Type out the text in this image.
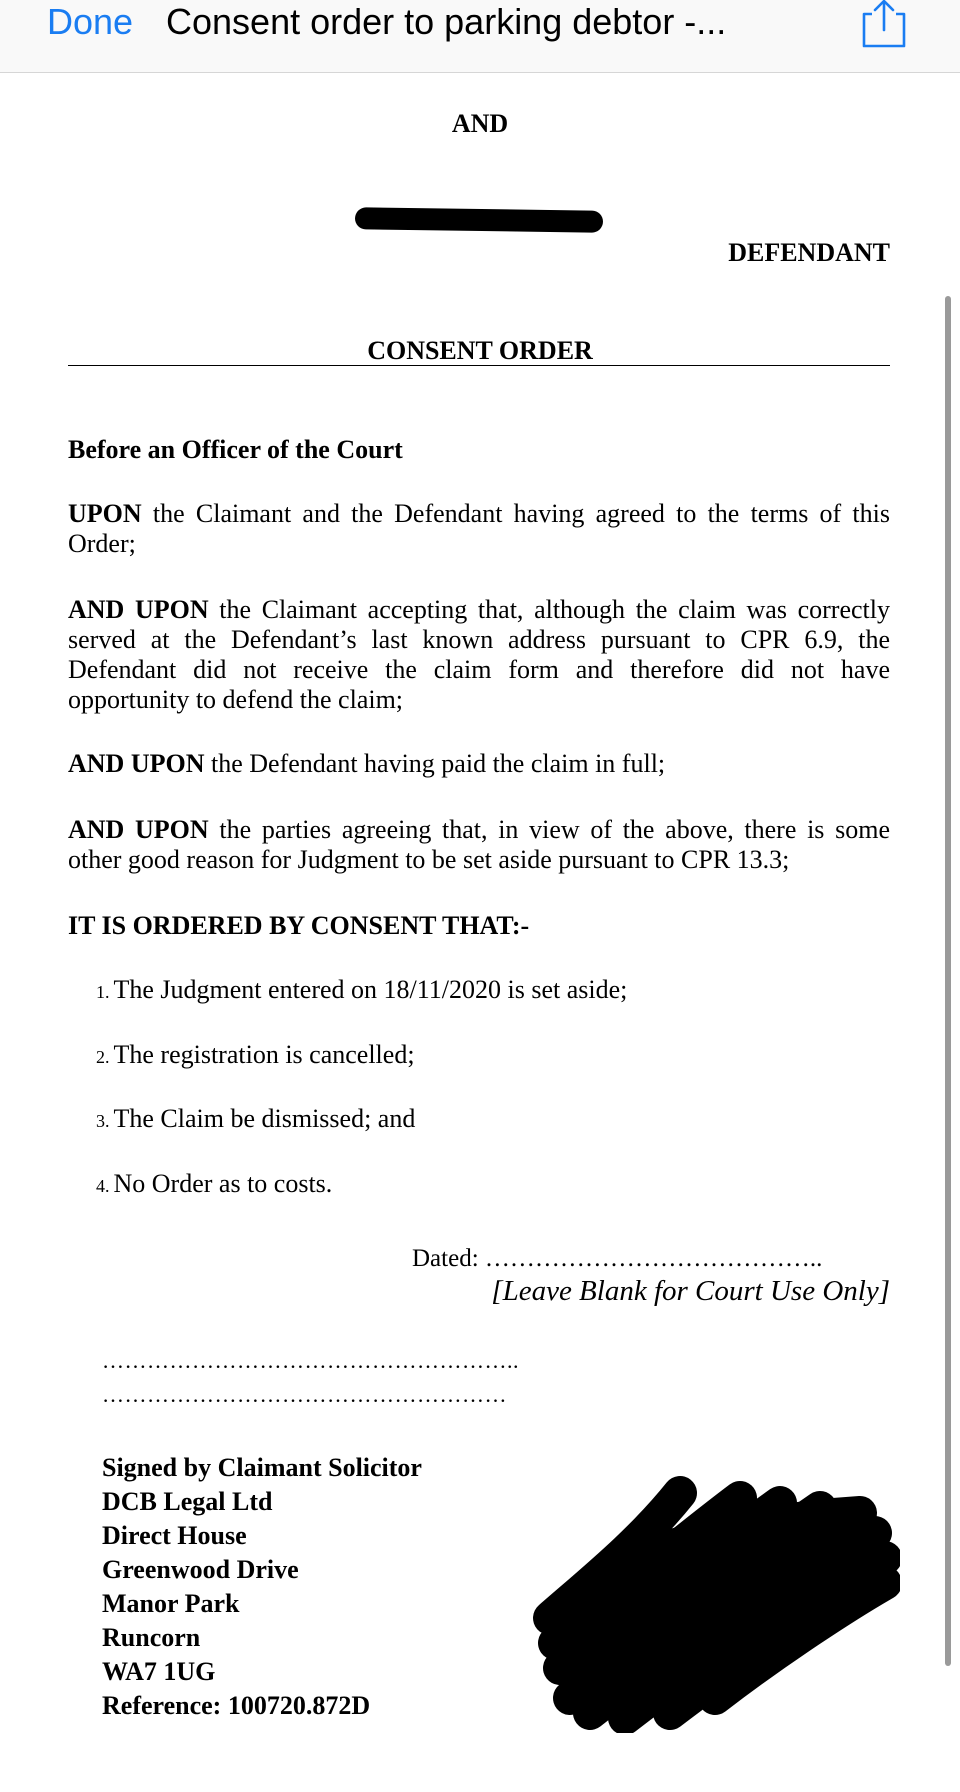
Done Consent order to parking debtor -...
AND
DEFENDANT
CONSENT ORDER
Before an Officer of the Court
UPON the Claimant and the Defendant having agreed to the terms of this Order;
AND UPON the Claimant accepting that, although the claim was correctly served at the Defendant’s last known address pursuant to CPR 6.9, the Defendant did not receive the claim form and therefore did not have opportunity to defend the claim;
AND UPON the Defendant having paid the claim in full;
AND UPON the parties agreeing that, in view of the above, there is some other good reason for Judgment to be set aside pursuant to CPR 13.3;
IT IS ORDERED BY CONSENT THAT:-
1. The Judgment entered on 18/11/2020 is set aside;
2. The registration is cancelled;
3. The Claim be dismissed; and
4. No Order as to costs.
Dated: …………………………………..
[Leave Blank for Court Use Only]
………………………………………………..
………………………………………………
Signed by Claimant Solicitor
DCB Legal Ltd
Direct House
Greenwood Drive
Manor Park
Runcorn
WA7 1UG
Reference: 100720.872D
